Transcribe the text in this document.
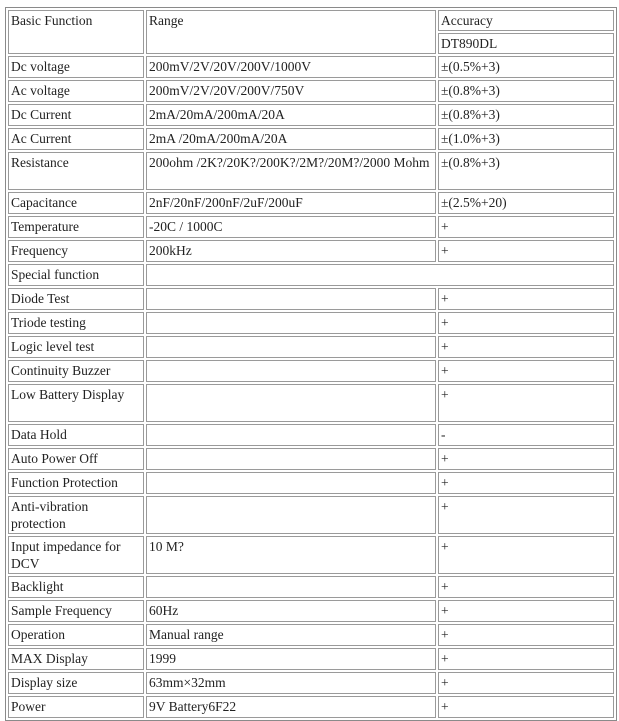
Basic Function	Range	Accuracy
		DT890DL
Dc voltage	200mV/2V/20V/200V/1000V	±(0.5%+3)
Ac voltage	200mV/2V/20V/200V/750V	±(0.8%+3)
Dc Current	2mA/20mA/200mA/20A	±(0.8%+3)
Ac Current	2mA /20mA/200mA/20A	±(1.0%+3)
Resistance	200ohm /2K?/20K?/200K?/2M?/20M?/2000 Mohm	±(0.8%+3)
Capacitance	2nF/20nF/200nF/2uF/200uF	±(2.5%+20)
Temperature	-20C / 1000C	+
Frequency	200kHz	+
Special function		
Diode Test		+
Triode testing		+
Logic level test		+
Continuity Buzzer		+
Low Battery Display		+
Data Hold		-
Auto Power Off		+
Function Protection		+
Anti-vibration protection		+
Input impedance for DCV	10 M?	+
Backlight		+
Sample Frequency	60Hz	+
Operation	Manual range	+
MAX Display	1999	+
Display size	63mm×32mm	+
Power	9V Battery6F22	+
